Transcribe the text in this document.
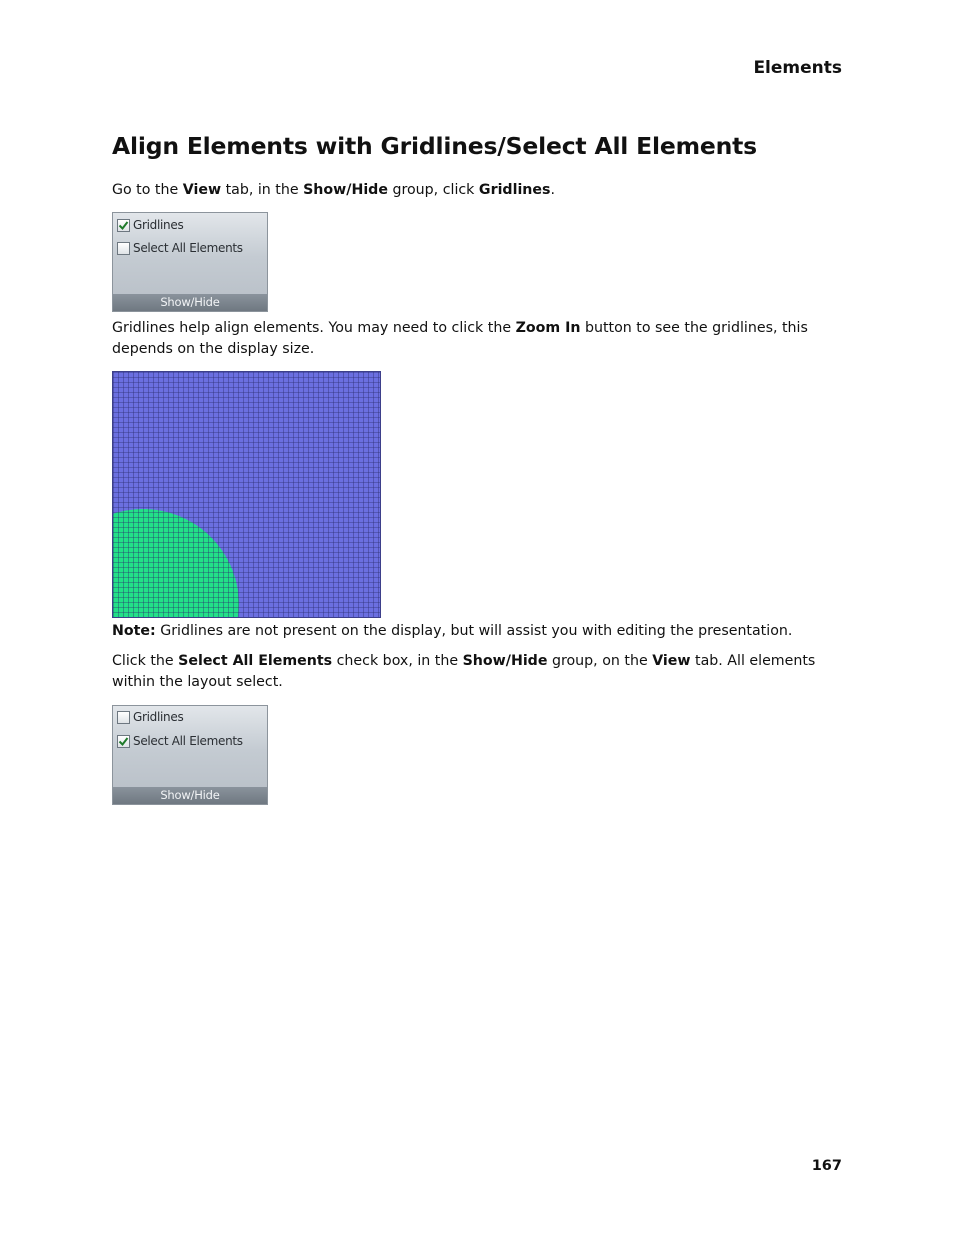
Elements
Align Elements with Gridlines/Select All Elements

Go to the View tab, in the Show/Hide group, click Gridlines.

Gridlines
Select All Elements
Show/Hide

Gridlines help align elements. You may need to click the Zoom In button to see the gridlines, this depends on the display size.

Note: Gridlines are not present on the display, but will assist you with editing the presentation.

Click the Select All Elements check box, in the Show/Hide group, on the View tab. All elements within the layout select.

Gridlines
Select All Elements
Show/Hide
167
